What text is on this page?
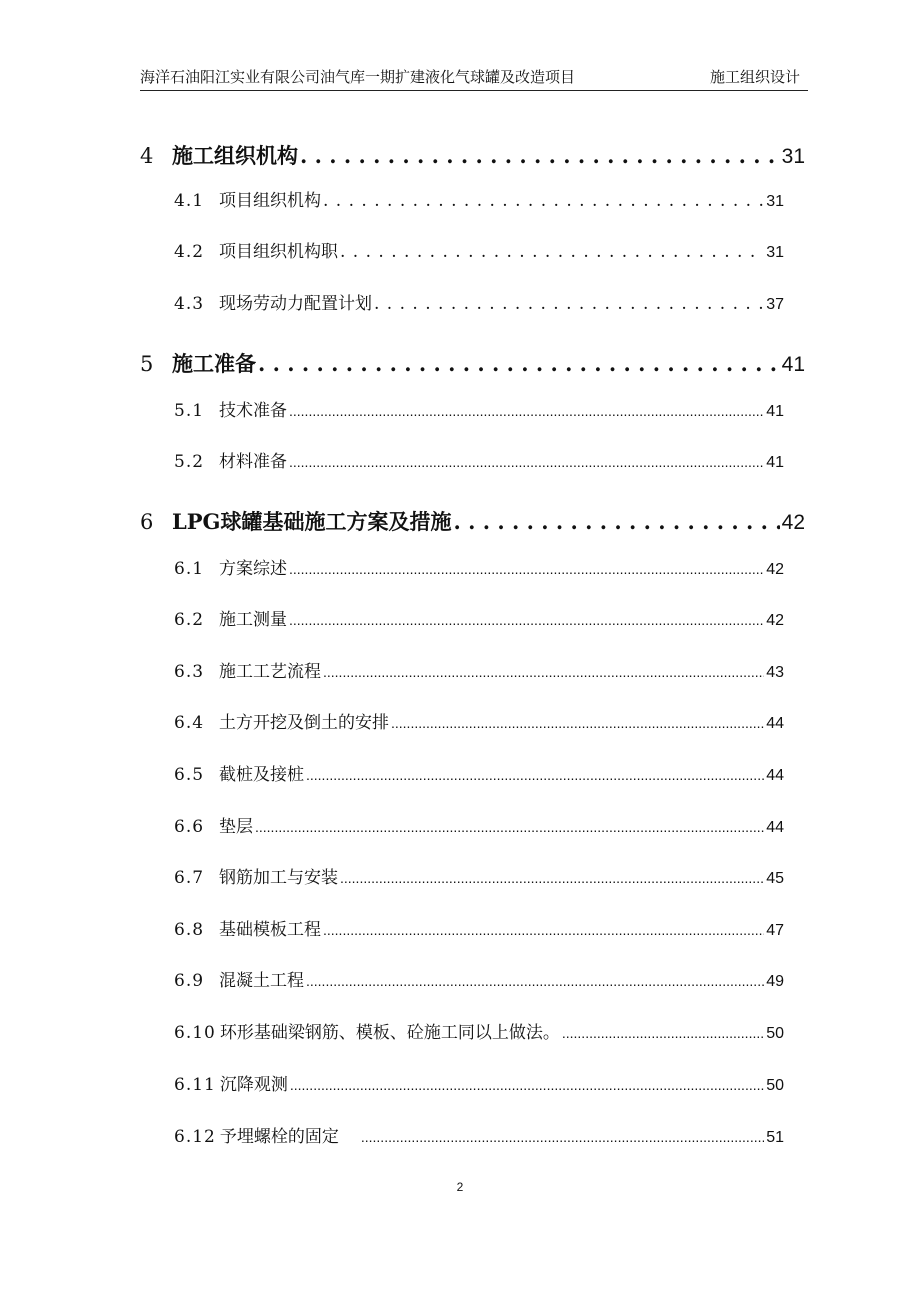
海洋石油阳江实业有限公司油气库一期扩建液化气球罐及改造项目	施工组织设计
4 施工组织机构 . . .	31
4.1 项目组织机构 . . .	31
4.2 项目组织机构职 . . .	31
4.3 现场劳动力配置计划 . . .	37
5 施工准备 . . .	41
5.1 技术准备 .....	41
5.2 材料准备 .....	41
6 LPG球罐基础施工方案及措施 . . .	42
6.1 方案综述 .....	42
6.2 施工测量 .....	42
6.3 施工工艺流程 .....	43
6.4 土方开挖及倒土的安排 .....	44
6.5 截桩及接桩 .....	44
6.6 垫层 .....	44
6.7 钢筋加工与安装 .....	45
6.8 基础模板工程 .....	47
6.9 混凝土工程 .....	49
6.10 环形基础梁钢筋、模板、砼施工同以上做法。 .....	50
6.11 沉降观测 .....	50
6.12 予埋螺栓的固定 .....	51
2
